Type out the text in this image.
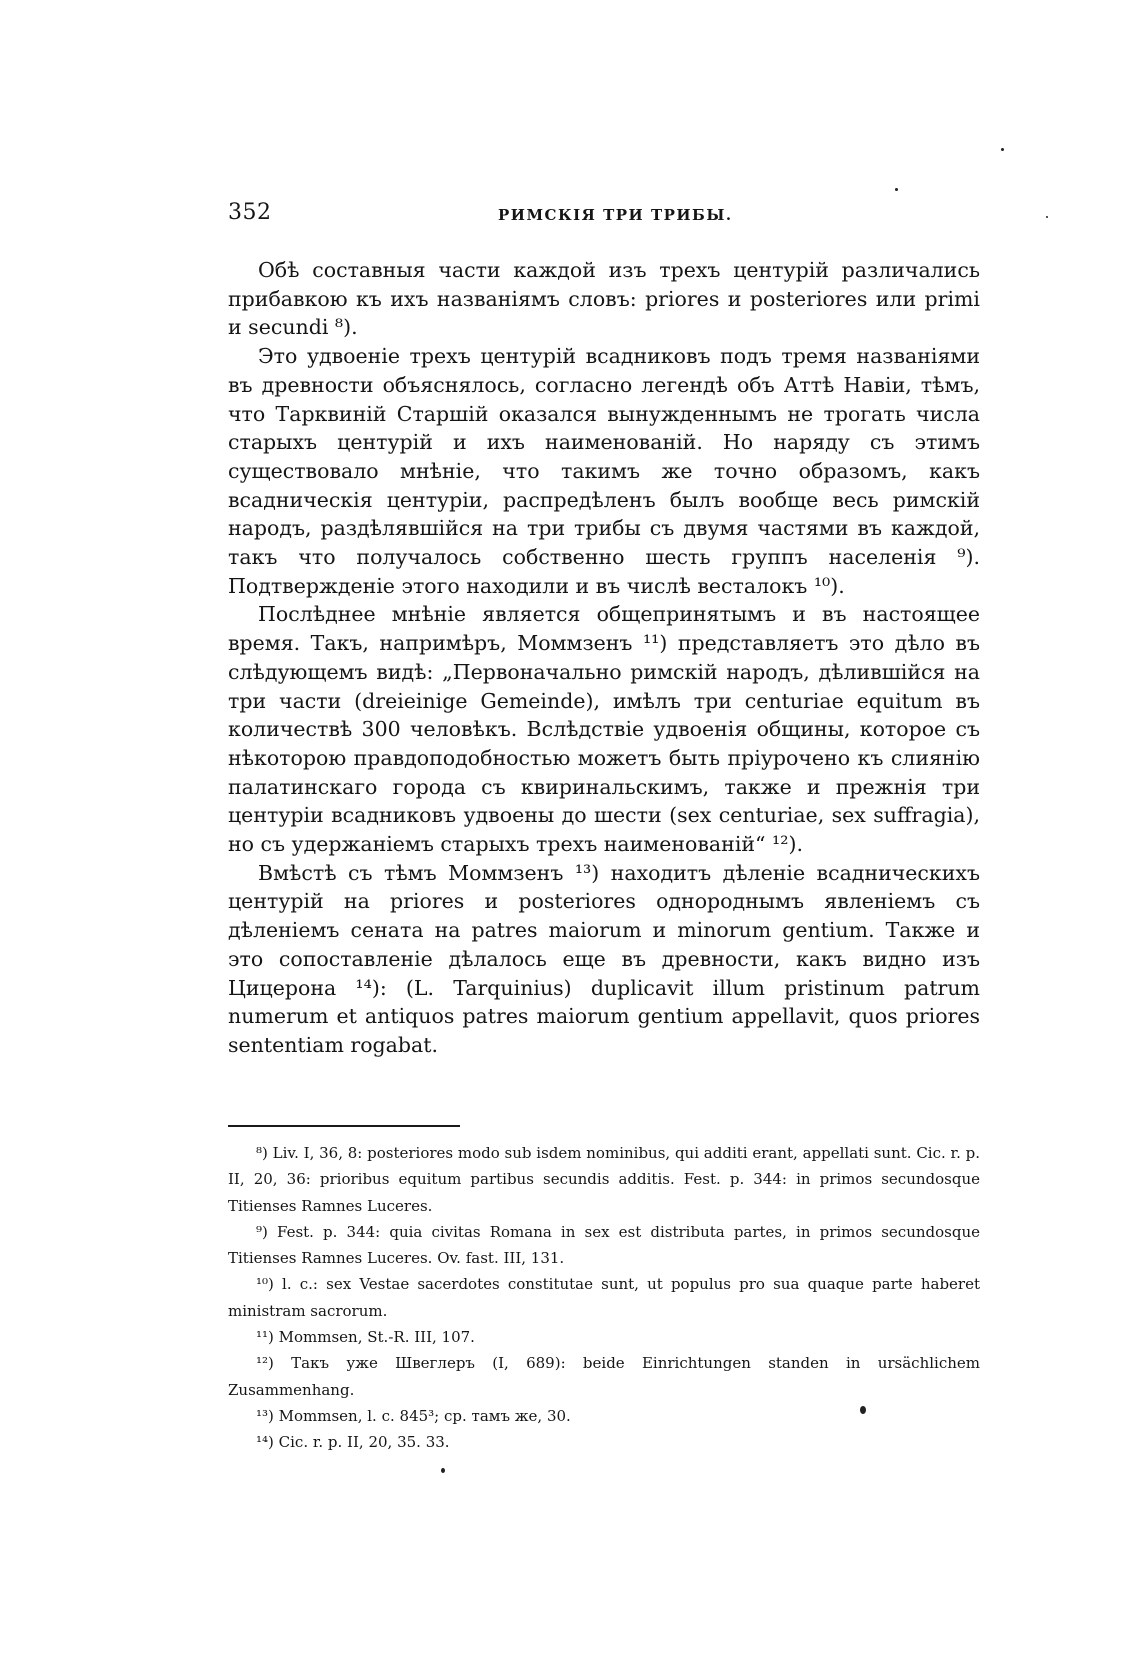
352	РИМСКІЯ ТРИ ТРИБЫ.

Обѣ составныя части каждой изъ трехъ центурій различались прибавкою къ ихъ названіямъ словъ: priores и posteriores или primi и secundi ⁸).

Это удвоеніе трехъ центурій всадниковъ подъ тремя названіями въ древности объяснялось, согласно легендѣ объ Аттѣ Навіи, тѣмъ, что Тарквиній Старшій оказался вынужденнымъ не трогать числа старыхъ центурій и ихъ наименованій. Но наряду съ этимъ существовало мнѣніе, что такимъ же точно образомъ, какъ всадническія центуріи, распредѣленъ былъ вообще весь римскій народъ, раздѣлявшійся на три трибы съ двумя частями въ каждой, такъ что получалось собственно шесть группъ населенія ⁹). Подтвержденіе этого находили и въ числѣ весталокъ ¹⁰).

Послѣднее мнѣніе является общепринятымъ и въ настоящее время. Такъ, напримѣръ, Моммзенъ ¹¹) представляетъ это дѣло въ слѣдующемъ видѣ: „Первоначально римскій народъ, дѣлившійся на три части (dreieinige Gemeinde), имѣлъ три centuriae equitum въ количествѣ 300 человѣкъ. Вслѣдствіе удвоенія общины, которое съ нѣкоторою правдоподобностью можетъ быть пріурочено къ слиянію палатинскаго города съ квиринальскимъ, также и прежнія три центуріи всадниковъ удвоены до шести (sex centuriae, sex suffragia), но съ удержаніемъ старыхъ трехъ наименованій“ ¹²).

Вмѣстѣ съ тѣмъ Моммзенъ ¹³) находитъ дѣленіе всадническихъ центурій на priores и posteriores однороднымъ явленіемъ съ дѣленіемъ сената на patres maiorum и minorum gentium. Также и это сопоставленіе дѣлалось еще въ древности, какъ видно изъ Цицерона ¹⁴): (L. Tarquinius) duplicavit illum pristinum patrum numerum et antiquos patres maiorum gentium appellavit, quos priores sententiam rogabat.

⁸) Liv. I, 36, 8: posteriores modo sub isdem nominibus, qui additi erant, appellati sunt. Cic. r. p. II, 20, 36: prioribus equitum partibus secundis additis. Fest. p. 344: in primos secundosque Titienses Ramnes Luceres.

⁹) Fest. p. 344: quia civitas Romana in sex est distributa partes, in primos secundosque Titienses Ramnes Luceres. Ov. fast. III, 131.

¹⁰) l. c.: sex Vestae sacerdotes constitutae sunt, ut populus pro sua quaque parte haberet ministram sacrorum.

¹¹) Mommsen, St.-R. III, 107.

¹²) Такъ уже Швеглеръ (I, 689): beide Einrichtungen standen in ursächlichem Zusammenhang.

¹³) Mommsen, l. c. 845³; ср. тамъ же, 30.

¹⁴) Cic. r. p. II, 20, 35. 33.
